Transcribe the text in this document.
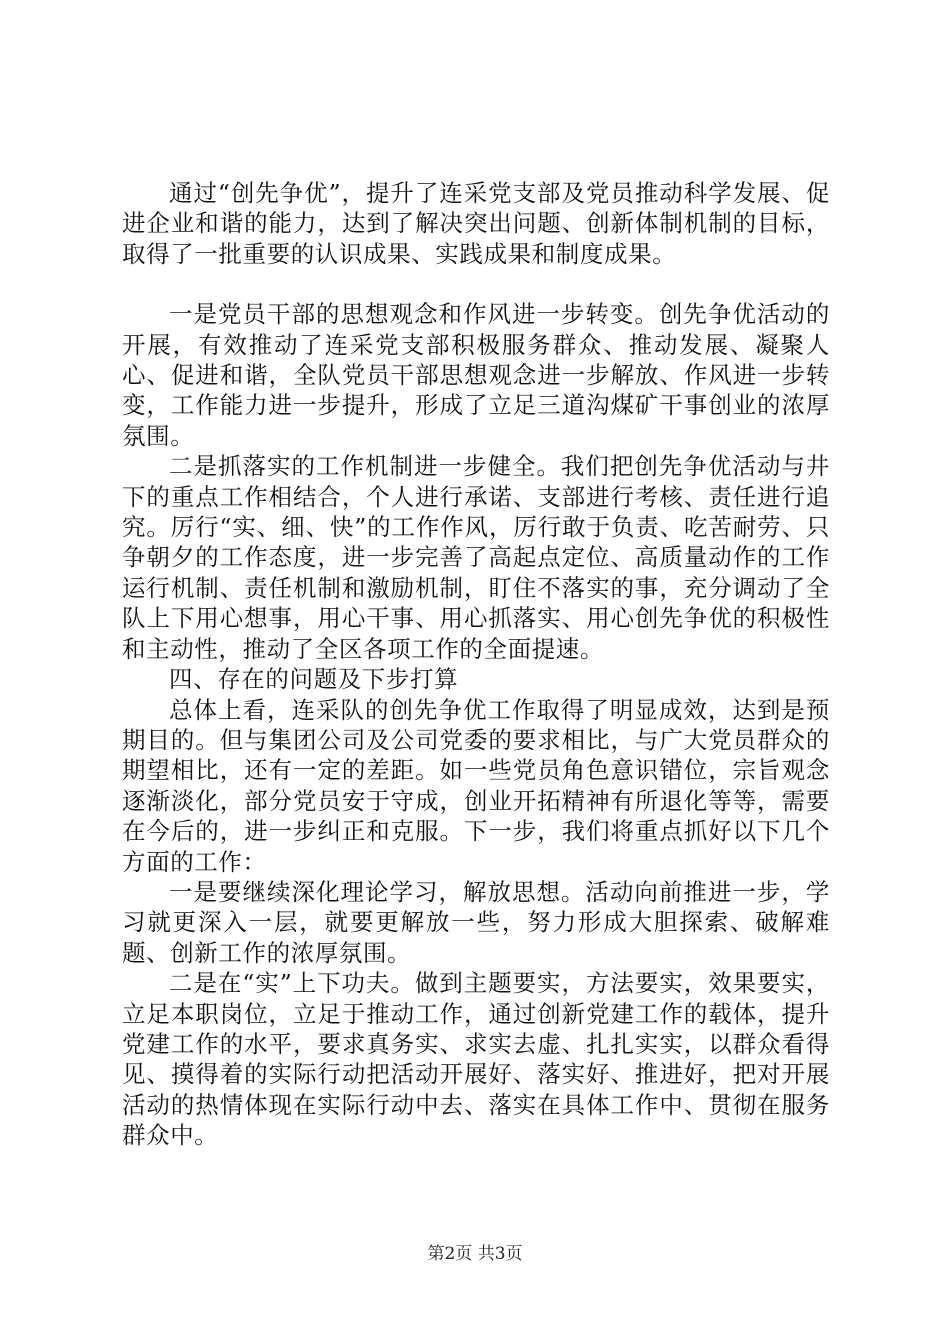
通过“创先争优”，提升了连采党支部及党员推动科学发展、促进企业和谐的能力，达到了解决突出问题、创新体制机制的目标，取得了一批重要的认识成果、实践成果和制度成果。

一是党员干部的思想观念和作风进一步转变。创先争优活动的开展，有效推动了连采党支部积极服务群众、推动发展、凝聚人心、促进和谐，全队党员干部思想观念进一步解放、作风进一步转变，工作能力进一步提升，形成了立足三道沟煤矿干事创业的浓厚氛围。

二是抓落实的工作机制进一步健全。我们把创先争优活动与井下的重点工作相结合，个人进行承诺、支部进行考核、责任进行追究。厉行“实、细、快”的工作作风，厉行敢于负责、吃苦耐劳、只争朝夕的工作态度，进一步完善了高起点定位、高质量动作的工作运行机制、责任机制和激励机制，盯住不落实的事，充分调动了全队上下用心想事，用心干事、用心抓落实、用心创先争优的积极性和主动性，推动了全区各项工作的全面提速。

四、存在的问题及下步打算

总体上看，连采队的创先争优工作取得了明显成效，达到是预期目的。但与集团公司及公司党委的要求相比，与广大党员群众的期望相比，还有一定的差距。如一些党员角色意识错位，宗旨观念逐渐淡化，部分党员安于守成，创业开拓精神有所退化等等，需要在今后的，进一步纠正和克服。下一步，我们将重点抓好以下几个方面的工作：

一是要继续深化理论学习，解放思想。活动向前推进一步，学习就更深入一层，就要更解放一些，努力形成大胆探索、破解难题、创新工作的浓厚氛围。

二是在“实”上下功夫。做到主题要实，方法要实，效果要实，立足本职岗位，立足于推动工作，通过创新党建工作的载体，提升党建工作的水平，要求真务实、求实去虚、扎扎实实，以群众看得见、摸得着的实际行动把活动开展好、落实好、推进好，把对开展活动的热情体现在实际行动中去、落实在具体工作中、贯彻在服务群众中。

第2页 共3页
